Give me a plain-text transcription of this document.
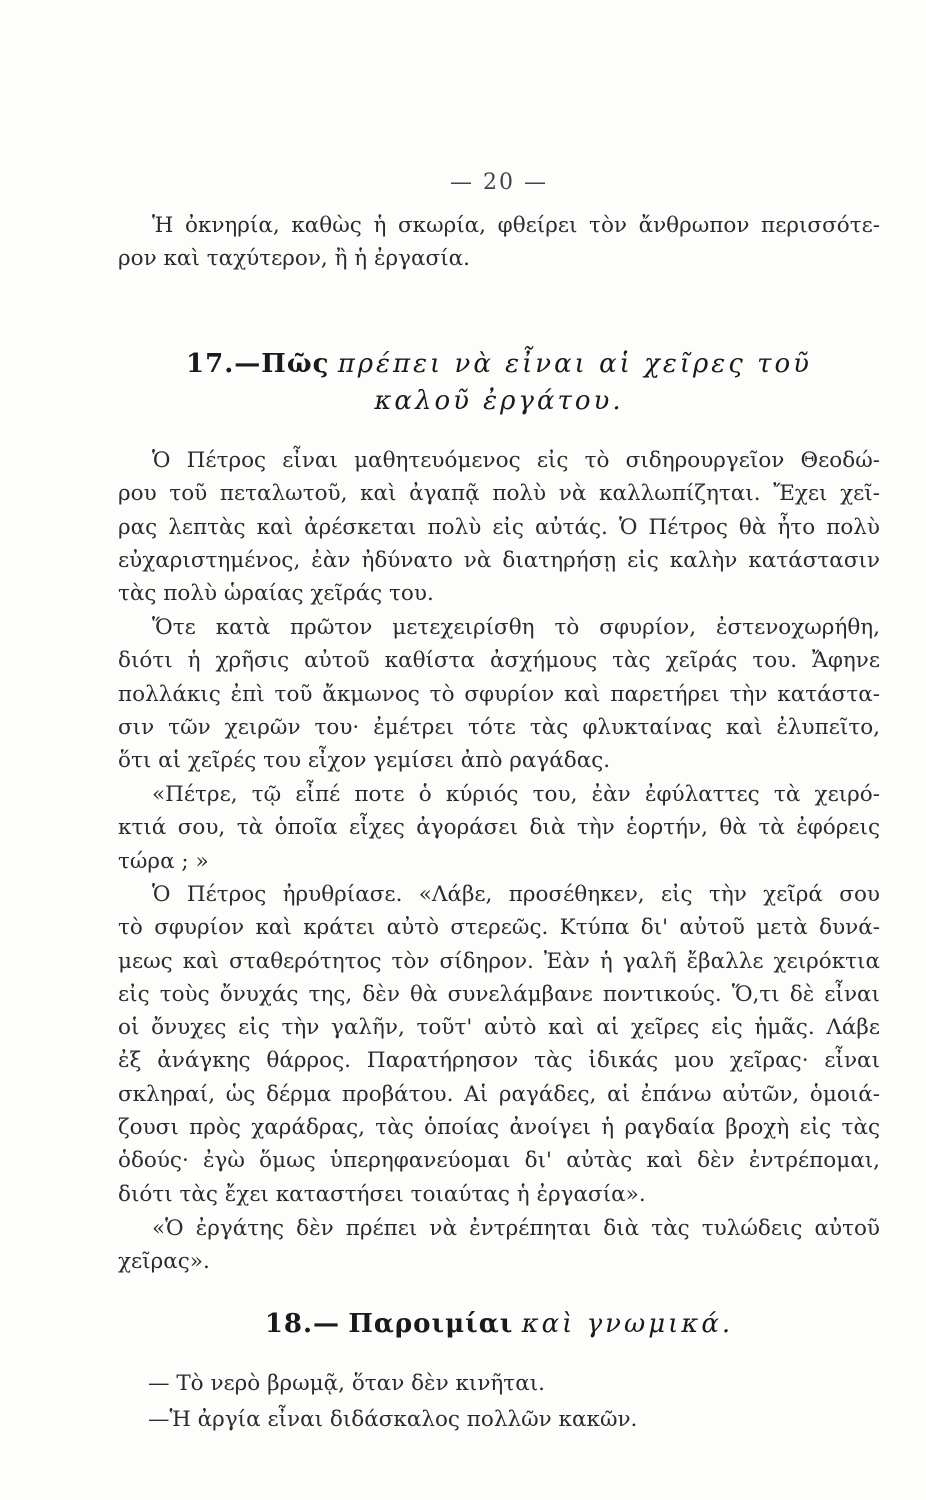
— 20 —

Ἡ ὀκνηρία, καθὼς ἡ σκωρία, φθείρει τὸν ἄνθρωπον περισσότε-
ρον καὶ ταχύτερον, ἢ ἡ ἐργασία.

17.—Πῶς πρέπει νὰ εἶναι αἱ χεῖρες τοῦ
καλοῦ ἐργάτου.

Ὁ Πέτρος εἶναι μαθητευόμενος εἰς τὸ σιδηρουργεῖον Θεοδώ-
ρου τοῦ πεταλωτοῦ, καὶ ἀγαπᾷ πολὺ νὰ καλλωπίζηται. Ἔχει χεῖ-
ρας λεπτὰς καὶ ἀρέσκεται πολὺ εἰς αὐτάς. Ὁ Πέτρος θὰ ἦτο πολὺ
εὐχαριστημένος, ἐὰν ἠδύνατο νὰ διατηρήσῃ εἰς καλὴν κατάστασιν
τὰς πολὺ ὡραίας χεῖράς του.

Ὅτε κατὰ πρῶτον μετεχειρίσθη τὸ σφυρίον, ἐστενοχωρήθη,
διότι ἡ χρῆσις αὐτοῦ καθίστα ἀσχήμους τὰς χεῖράς του. Ἄφηνε
πολλάκις ἐπὶ τοῦ ἄκμωνος τὸ σφυρίον καὶ παρετήρει τὴν κατάστα-
σιν τῶν χειρῶν του· ἐμέτρει τότε τὰς φλυκταίνας καὶ ἐλυπεῖτο,
ὅτι αἱ χεῖρές του εἶχον γεμίσει ἀπὸ ραγάδας.

«Πέτρε, τῷ εἶπέ ποτε ὁ κύριός του, ἐὰν ἐφύλαττες τὰ χειρό-
κτιά σου, τὰ ὁποῖα εἶχες ἀγοράσει διὰ τὴν ἑορτήν, θὰ τὰ ἐφόρεις
τώρα ; »

Ὁ Πέτρος ἠρυθρίασε. «Λάβε, προσέθηκεν, εἰς τὴν χεῖρά σου
τὸ σφυρίον καὶ κράτει αὐτὸ στερεῶς. Κτύπα δι' αὐτοῦ μετὰ δυνά-
μεως καὶ σταθερότητος τὸν σίδηρον. Ἐὰν ἡ γαλῆ ἔβαλλε χειρόκτια
εἰς τοὺς ὄνυχάς της, δὲν θὰ συνελάμβανε ποντικούς. Ὅ,τι δὲ εἶναι
οἱ ὄνυχες εἰς τὴν γαλῆν, τοῦτ' αὐτὸ καὶ αἱ χεῖρες εἰς ἡμᾶς. Λάβε
ἐξ ἀνάγκης θάρρος. Παρατήρησον τὰς ἰδικάς μου χεῖρας· εἶναι
σκληραί, ὡς δέρμα προβάτου. Αἱ ραγάδες, αἱ ἐπάνω αὐτῶν, ὁμοιά-
ζουσι πρὸς χαράδρας, τὰς ὁποίας ἀνοίγει ἡ ραγδαία βροχὴ εἰς τὰς
ὁδούς· ἐγὼ ὅμως ὑπερηφανεύομαι δι' αὐτὰς καὶ δὲν ἐντρέπομαι,
διότι τὰς ἔχει καταστήσει τοιαύτας ἡ ἐργασία».

«Ὁ ἐργάτης δὲν πρέπει νὰ ἐντρέπηται διὰ τὰς τυλώδεις αὐτοῦ
χεῖρας».

18.— Παροιμίαι καὶ γνωμικά.

— Τὸ νερὸ βρωμᾷ, ὅταν δὲν κινῆται.

—Ἡ ἀργία εἶναι διδάσκαλος πολλῶν κακῶν.
